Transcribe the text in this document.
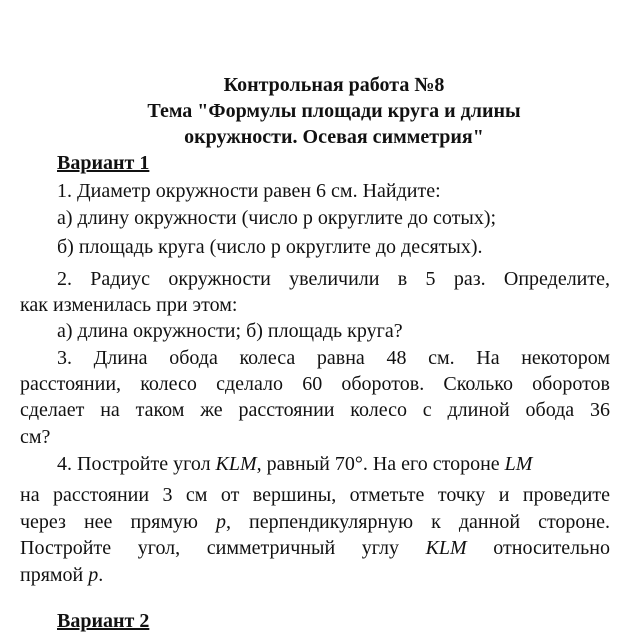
Контрольная работа №8
Тема "Формулы площади круга и длины
окружности. Осевая симметрия"
Вариант 1
1. Диаметр окружности равен 6 см. Найдите:
а) длину окружности (число р округлите до сотых);
б) площадь круга (число р округлите до десятых).
2. Радиус окружности увеличили в 5 раз. Определите,
как изменилась при этом:
а) длина окружности; б) площадь круга?
3. Длина обода колеса равна 48 см. На некотором
расстоянии, колесо сделало 60 оборотов. Сколько оборотов
сделает на таком же расстоянии колесо с длиной обода 36
см?
4. Постройте угол KLM, равный 70°. На его стороне LM
на расстоянии 3 см от вершины, отметьте точку и проведите
через нее прямую р, перпендикулярную к данной стороне.
Постройте угол, симметричный углу KLM относительно
прямой р.
Вариант 2
